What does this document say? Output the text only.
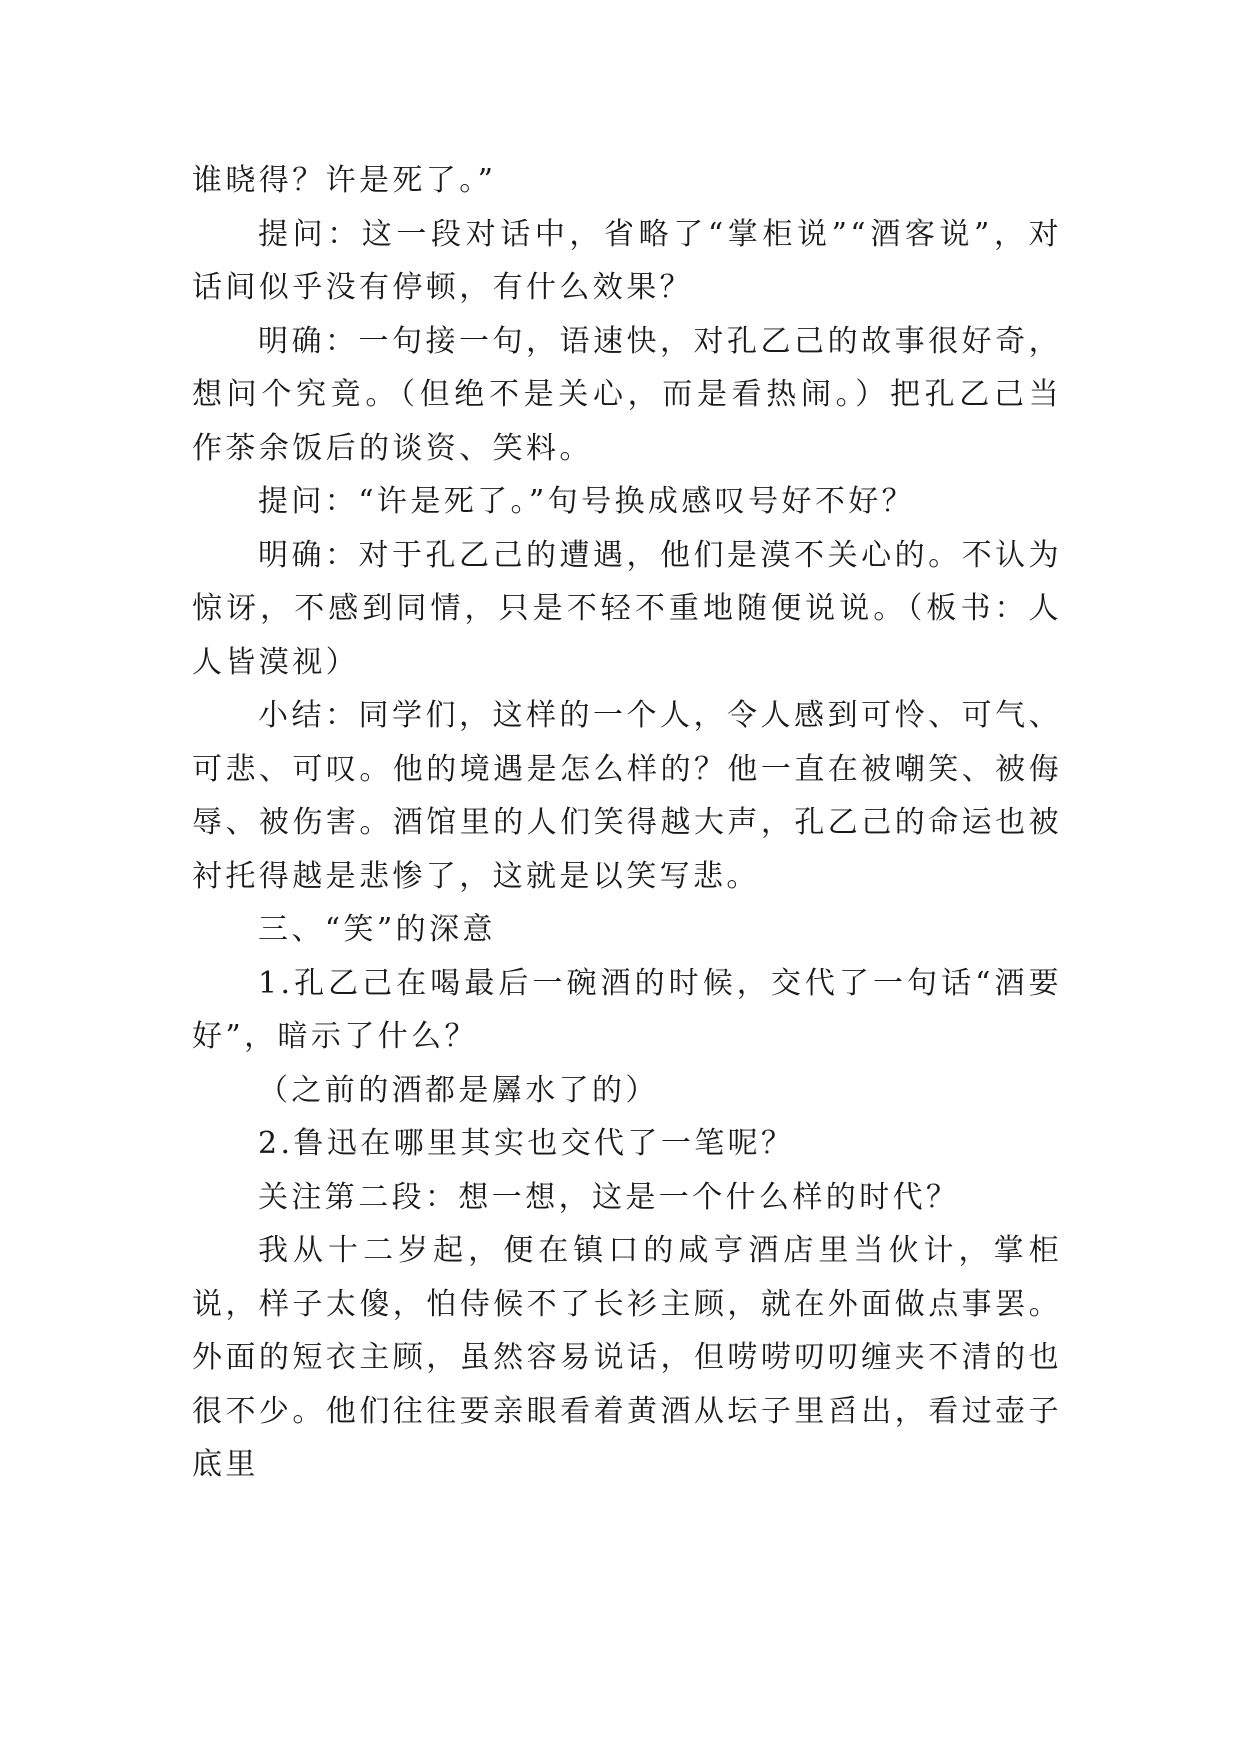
谁晓得？许是死了。”

提问：这一段对话中，省略了“掌柜说”“酒客说”，对话间似乎没有停顿，有什么效果？

明确：一句接一句，语速快，对孔乙己的故事很好奇，想问个究竟。（但绝不是关心，而是看热闹。）把孔乙己当作茶余饭后的谈资、笑料。

提问：“许是死了。”句号换成感叹号好不好？

明确：对于孔乙己的遭遇，他们是漠不关心的。不认为惊讶，不感到同情，只是不轻不重地随便说说。（板书：人人皆漠视）

小结：同学们，这样的一个人，令人感到可怜、可气、可悲、可叹。他的境遇是怎么样的？他一直在被嘲笑、被侮辱、被伤害。酒馆里的人们笑得越大声，孔乙己的命运也被衬托得越是悲惨了，这就是以笑写悲。

三、“笑”的深意

1.孔乙己在喝最后一碗酒的时候，交代了一句话“酒要好”，暗示了什么？

（之前的酒都是羼水了的）

2.鲁迅在哪里其实也交代了一笔呢？

关注第二段：想一想，这是一个什么样的时代？

我从十二岁起，便在镇口的咸亨酒店里当伙计，掌柜说，样子太傻，怕侍候不了长衫主顾，就在外面做点事罢。外面的短衣主顾，虽然容易说话，但唠唠叨叨缠夹不清的也很不少。他们往往要亲眼看着黄酒从坛子里舀出，看过壶子底里
